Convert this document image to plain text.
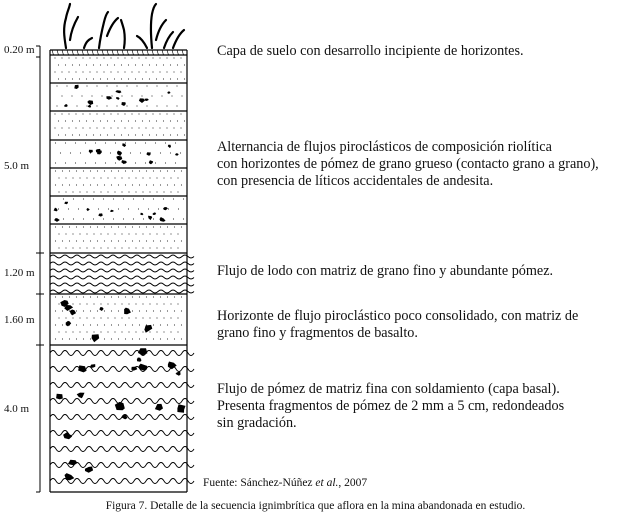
0.20 m
5.0 m
1.20 m
1.60 m
4.0 m
Capa de suelo con desarrollo incipiente de horizontes.
Alternancia de flujos piroclásticos de composición riolítica
con horizontes de pómez de grano grueso (contacto grano a grano),
con presencia de líticos accidentales de andesita.
Flujo de lodo con matriz de grano fino y abundante pómez.
Horizonte de flujo piroclástico poco consolidado, con matriz de
grano fino y fragmentos de basalto.
Flujo de pómez de matriz fina con soldamiento (capa basal).
Presenta fragmentos de pómez de 2 mm a 5 cm, redondeados
sin gradación.
Fuente: Sánchez-Núñez et al., 2007
Figura 7. Detalle de la secuencia ignimbrítica que aflora en la mina abandonada en estudio.
